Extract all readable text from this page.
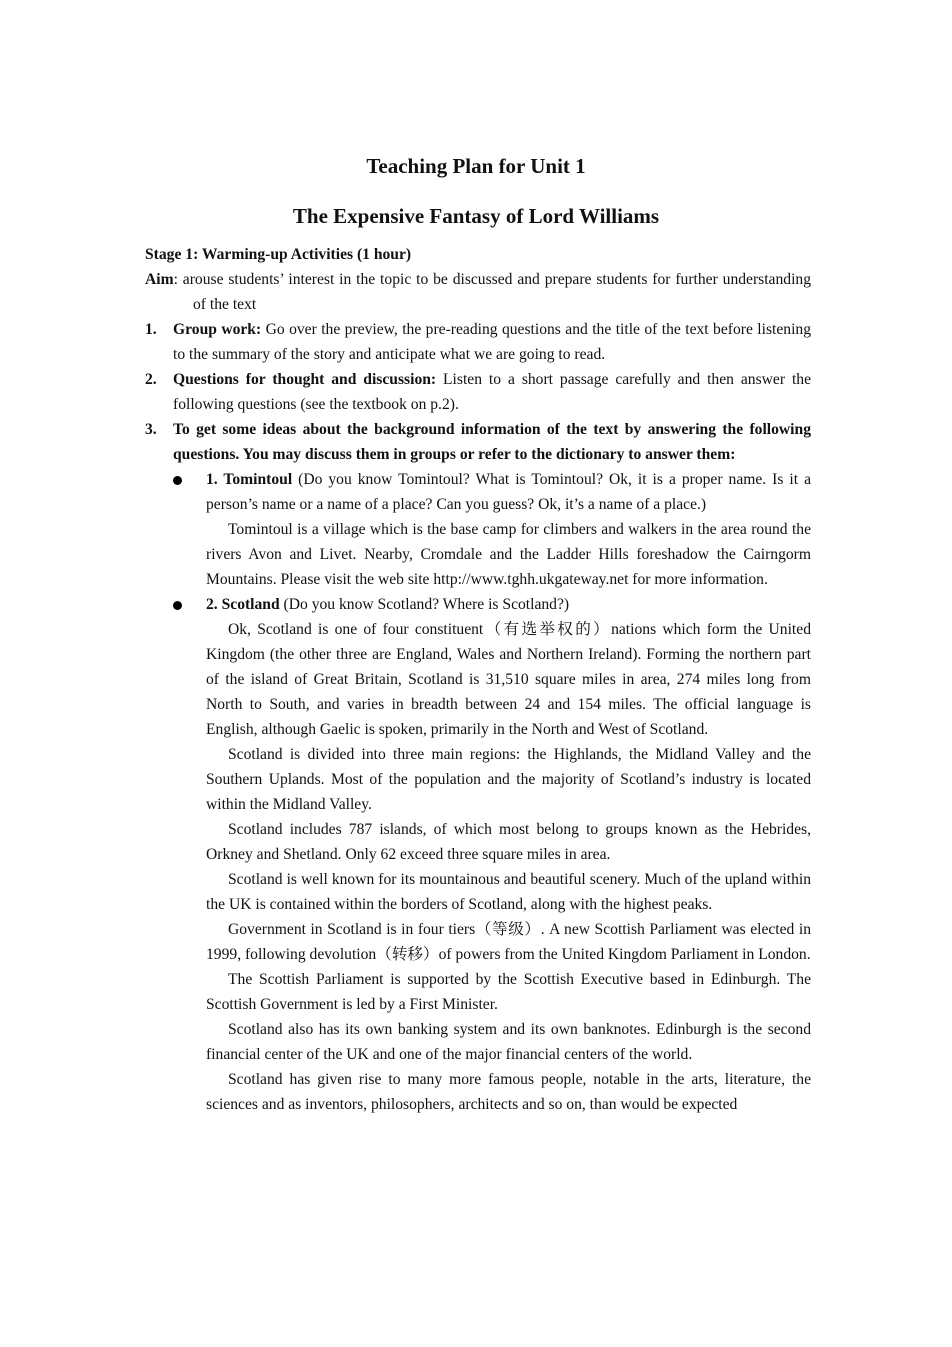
Teaching Plan for Unit 1
The Expensive Fantasy of Lord Williams

Stage 1: Warming-up Activities (1 hour)

Aim: arouse students’ interest in the topic to be discussed and prepare students for further understanding of the text

1. Group work: Go over the preview, the pre-reading questions and the title of the text before listening to the summary of the story and anticipate what we are going to read.

2. Questions for thought and discussion: Listen to a short passage carefully and then answer the following questions (see the textbook on p.2).

3. To get some ideas about the background information of the text by answering the following questions. You may discuss them in groups or refer to the dictionary to answer them:

1. Tomintoul (Do you know Tomintoul? What is Tomintoul? Ok, it is a proper name. Is it a person’s name or a name of a place? Can you guess? Ok, it’s a name of a place.)

Tomintoul is a village which is the base camp for climbers and walkers in the area round the rivers Avon and Livet. Nearby, Cromdale and the Ladder Hills foreshadow the Cairngorm Mountains. Please visit the web site http://www.tghh.ukgateway.net for more information.

2. Scotland (Do you know Scotland? Where is Scotland?)

Ok, Scotland is one of four constituent（有选举权的）nations which form the United Kingdom (the other three are England, Wales and Northern Ireland). Forming the northern part of the island of Great Britain, Scotland is 31,510 square miles in area, 274 miles long from North to South, and varies in breadth between 24 and 154 miles. The official language is English, although Gaelic is spoken, primarily in the North and West of Scotland.

Scotland is divided into three main regions: the Highlands, the Midland Valley and the Southern Uplands. Most of the population and the majority of Scotland’s industry is located within the Midland Valley.

Scotland includes 787 islands, of which most belong to groups known as the Hebrides, Orkney and Shetland. Only 62 exceed three square miles in area.

Scotland is well known for its mountainous and beautiful scenery. Much of the upland within the UK is contained within the borders of Scotland, along with the highest peaks.

Government in Scotland is in four tiers（等级）. A new Scottish Parliament was elected in 1999, following devolution（转移）of powers from the United Kingdom Parliament in London.

The Scottish Parliament is supported by the Scottish Executive based in Edinburgh. The Scottish Government is led by a First Minister.

Scotland also has its own banking system and its own banknotes. Edinburgh is the second financial center of the UK and one of the major financial centers of the world.

Scotland has given rise to many more famous people, notable in the arts, literature, the sciences and as inventors, philosophers, architects and so on, than would be expected
